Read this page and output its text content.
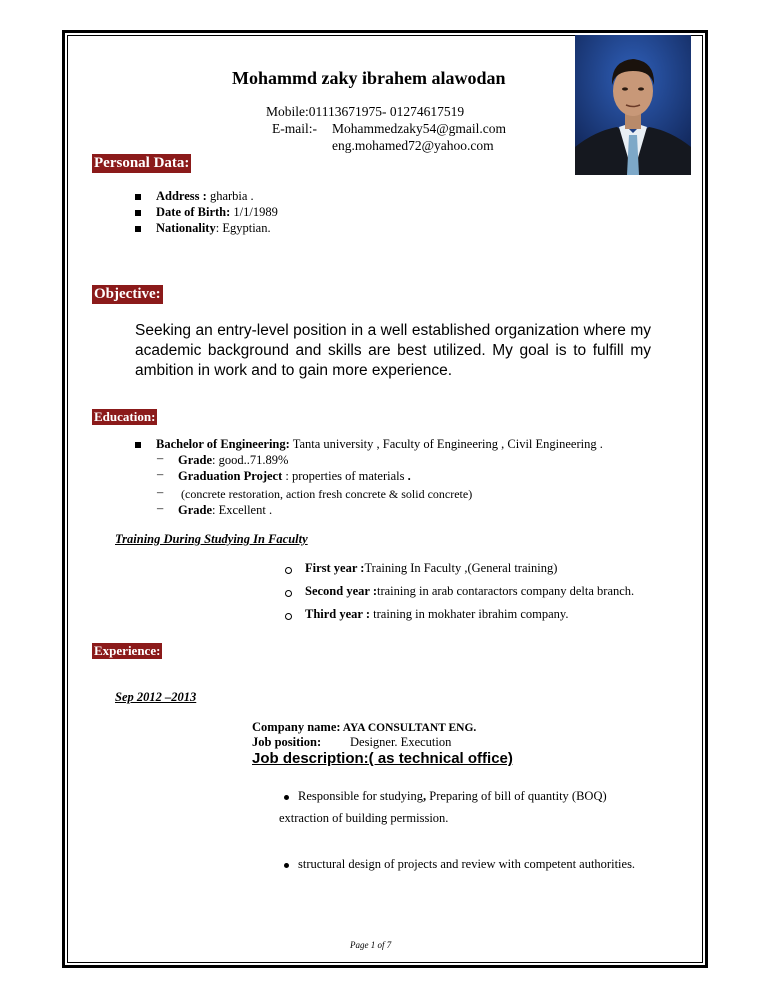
Mohammd zaky ibrahem alawodan
Mobile:01113671975- 01274617519
E-mail:- Mohammedzaky54@gmail.com
eng.mohamed72@yahoo.com
Personal Data:
Address : gharbia .
Date of Birth: 1/1/1989
Nationality: Egyptian.
Objective:
Seeking an entry-level position in a well established organization where my academic background and skills are best utilized. My goal is to fulfill my ambition in work and to gain more experience.
Education:
Bachelor of Engineering: Tanta university , Faculty of Engineering , Civil Engineering .
– Grade: good..71.89%
– Graduation Project : properties of materials .
– (concrete restoration, action fresh concrete & solid concrete)
– Grade: Excellent .
Training During Studying In Faculty
First year :Training In Faculty ,(General training)
Second year :training in arab contaractors company delta branch.
Third year : training in mokhater ibrahim company.
Experience:
Sep 2012 –2013
Company name: AYA CONSULTANT ENG.
Job position: Designer. Execution
Job description:( as technical office)
Responsible for studying, Preparing of bill of quantity (BOQ)
extraction of building permission.
structural design of projects and review with competent authorities.
Page 1 of 7
